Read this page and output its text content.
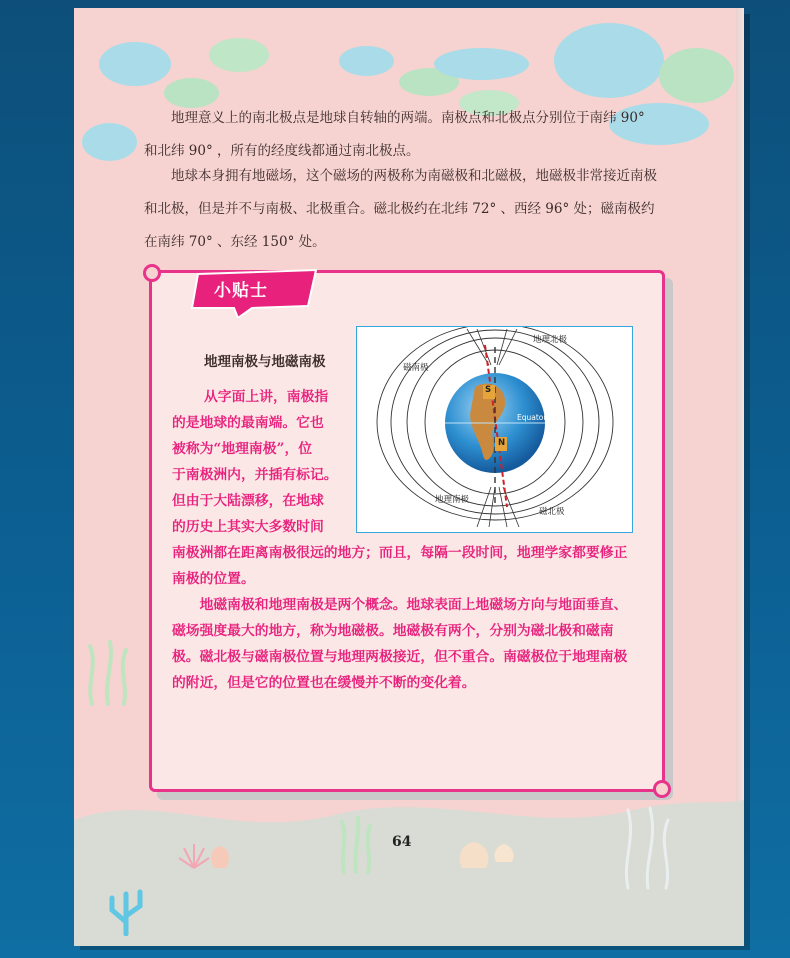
地理意义上的南北极点是地球自转轴的两端。南极点和北极点分别位于南纬 90° 和北纬 90° ，所有的经度线都通过南北极点。

地球本身拥有地磁场，这个磁场的两极称为南磁极和北磁极，地磁极非常接近南极和北极，但是并不与南极、北极重合。磁北极约在北纬 72° 、西经 96° 处；磁南极约在南纬 70° 、东经 150° 处。

小贴士
地理南极与地磁南极

从字面上讲，南极指

的是地球的最南端。它也

被称为“地理南极”，位

于南极洲内，并插有标记。

但由于大陆漂移，在地球

的历史上其实大多数时间

南极洲都在距离南极很远的地方；而且，每隔一段时间，地理学家都要修正南极的位置。

地磁南极和地理南极是两个概念。地球表面上地磁场方向与地面垂直、磁场强度最大的地方，称为地磁极。地磁极有两个，分别为磁北极和磁南极。磁北极与磁南极位置与地理两极接近，但不重合。南磁极位于地理南极的附近，但是它的位置也在缓慢并不断的变化着。

地理北极
磁南极
Equator
S
N
地理南极
磁北极
64
